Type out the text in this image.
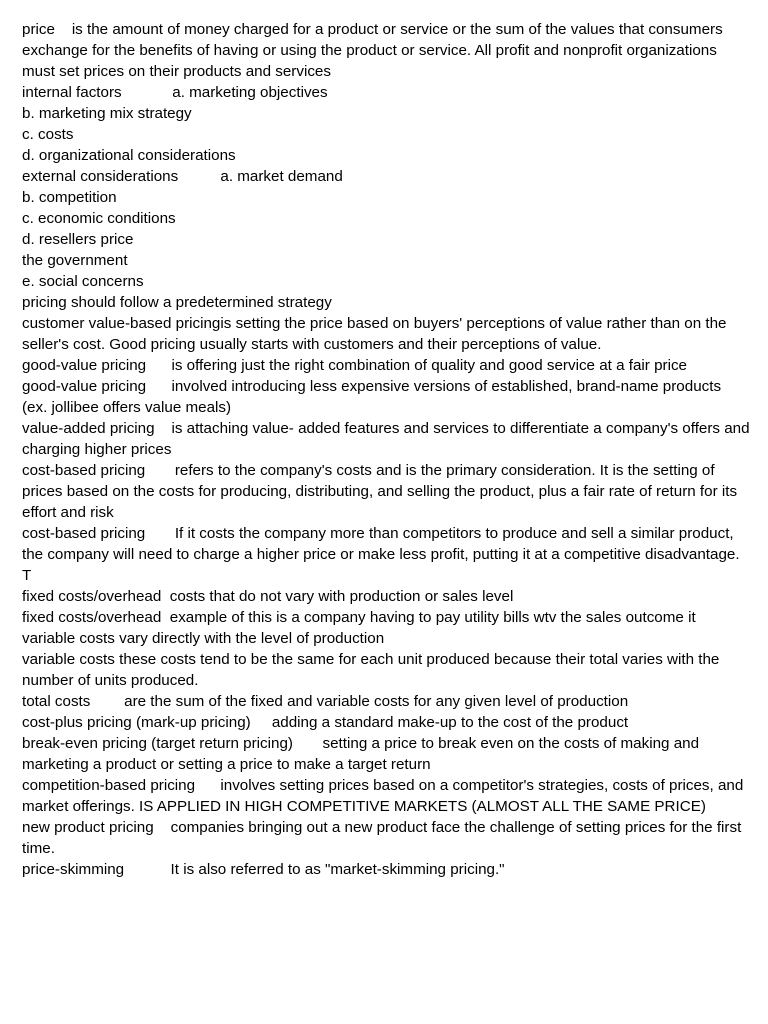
price is the amount of money charged for a product or service or the sum of the values that consumers exchange for the benefits of having or using the product or service. All profit and nonprofit organizations must set prices on their products and services

internal factors	a. marketing objectives

b. marketing mix strategy

c. costs

d. organizational considerations

external considerations	a. market demand

b. competition

c. economic conditions

d. resellers price

the government

e. social concerns

pricing should follow a predetermined strategy

customer value-based pricingis setting the price based on buyers' perceptions of value rather than on the seller's cost. Good pricing usually starts with customers and their perceptions of value.

good-value pricing is offering just the right combination of quality and good service at a fair price

good-value pricing involved introducing less expensive versions of established, brand-name products (ex. jollibee offers value meals)

value-added pricing is attaching value- added features and services to differentiate a company's offers and charging higher prices

cost-based pricing refers to the company's costs and is the primary consideration. It is the setting of prices based on the costs for producing, distributing, and selling the product, plus a fair rate of return for its effort and risk

cost-based pricing If it costs the company more than competitors to produce and sell a similar product, the company will need to charge a higher price or make less profit, putting it at a competitive disadvantage. T

fixed costs/overhead costs that do not vary with production or sales level

fixed costs/overhead example of this is a company having to pay utility bills wtv the sales outcome it

variable costs vary directly with the level of production

variable costs these costs tend to be the same for each unit produced because their total varies with the number of units produced.

total costs are the sum of the fixed and variable costs for any given level of production

cost-plus pricing (mark-up pricing) adding a standard make-up to the cost of the product

break-even pricing (target return pricing) setting a price to break even on the costs of making and marketing a product or setting a price to make a target return

competition-based pricing involves setting prices based on a competitor's strategies, costs of prices, and market offerings. IS APPLIED IN HIGH COMPETITIVE MARKETS (ALMOST ALL THE SAME PRICE)

new product pricing companies bringing out a new product face the challenge of setting prices for the first time.

price-skimming	It is also referred to as "market-skimming pricing."
